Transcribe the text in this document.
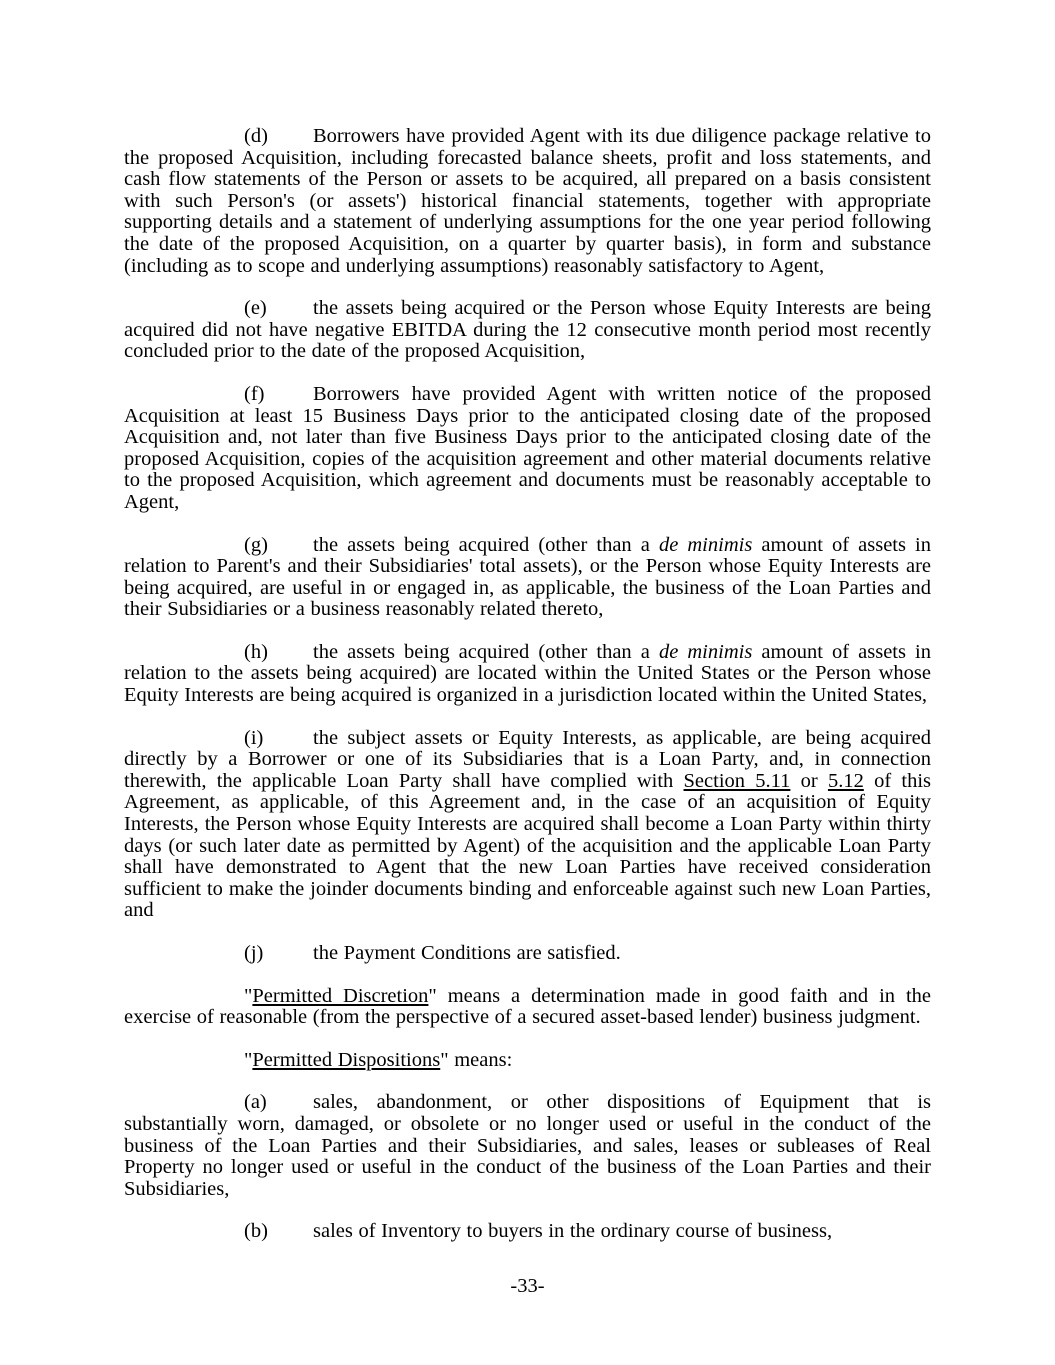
(d) Borrowers have provided Agent with its due diligence package relative to the proposed Acquisition, including forecasted balance sheets, profit and loss statements, and cash flow statements of the Person or assets to be acquired, all prepared on a basis consistent with such Person's (or assets') historical financial statements, together with appropriate supporting details and a statement of underlying assumptions for the one year period following the date of the proposed Acquisition, on a quarter by quarter basis), in form and substance (including as to scope and underlying assumptions) reasonably satisfactory to Agent,

(e) the assets being acquired or the Person whose Equity Interests are being acquired did not have negative EBITDA during the 12 consecutive month period most recently concluded prior to the date of the proposed Acquisition,

(f) Borrowers have provided Agent with written notice of the proposed Acquisition at least 15 Business Days prior to the anticipated closing date of the proposed Acquisition and, not later than five Business Days prior to the anticipated closing date of the proposed Acquisition, copies of the acquisition agreement and other material documents relative to the proposed Acquisition, which agreement and documents must be reasonably acceptable to Agent,

(g) the assets being acquired (other than a de minimis amount of assets in relation to Parent's and their Subsidiaries' total assets), or the Person whose Equity Interests are being acquired, are useful in or engaged in, as applicable, the business of the Loan Parties and their Subsidiaries or a business reasonably related thereto,

(h) the assets being acquired (other than a de minimis amount of assets in relation to the assets being acquired) are located within the United States or the Person whose Equity Interests are being acquired is organized in a jurisdiction located within the United States,

(i) the subject assets or Equity Interests, as applicable, are being acquired directly by a Borrower or one of its Subsidiaries that is a Loan Party, and, in connection therewith, the applicable Loan Party shall have complied with Section 5.11 or 5.12 of this Agreement, as applicable, of this Agreement and, in the case of an acquisition of Equity Interests, the Person whose Equity Interests are acquired shall become a Loan Party within thirty days (or such later date as permitted by Agent) of the acquisition and the applicable Loan Party shall have demonstrated to Agent that the new Loan Parties have received consideration sufficient to make the joinder documents binding and enforceable against such new Loan Parties, and

(j) the Payment Conditions are satisfied.

"Permitted Discretion" means a determination made in good faith and in the exercise of reasonable (from the perspective of a secured asset-based lender) business judgment.

"Permitted Dispositions" means:

(a) sales, abandonment, or other dispositions of Equipment that is substantially worn, damaged, or obsolete or no longer used or useful in the conduct of the business of the Loan Parties and their Subsidiaries, and sales, leases or subleases of Real Property no longer used or useful in the conduct of the business of the Loan Parties and their Subsidiaries,

(b) sales of Inventory to buyers in the ordinary course of business,

-33-
